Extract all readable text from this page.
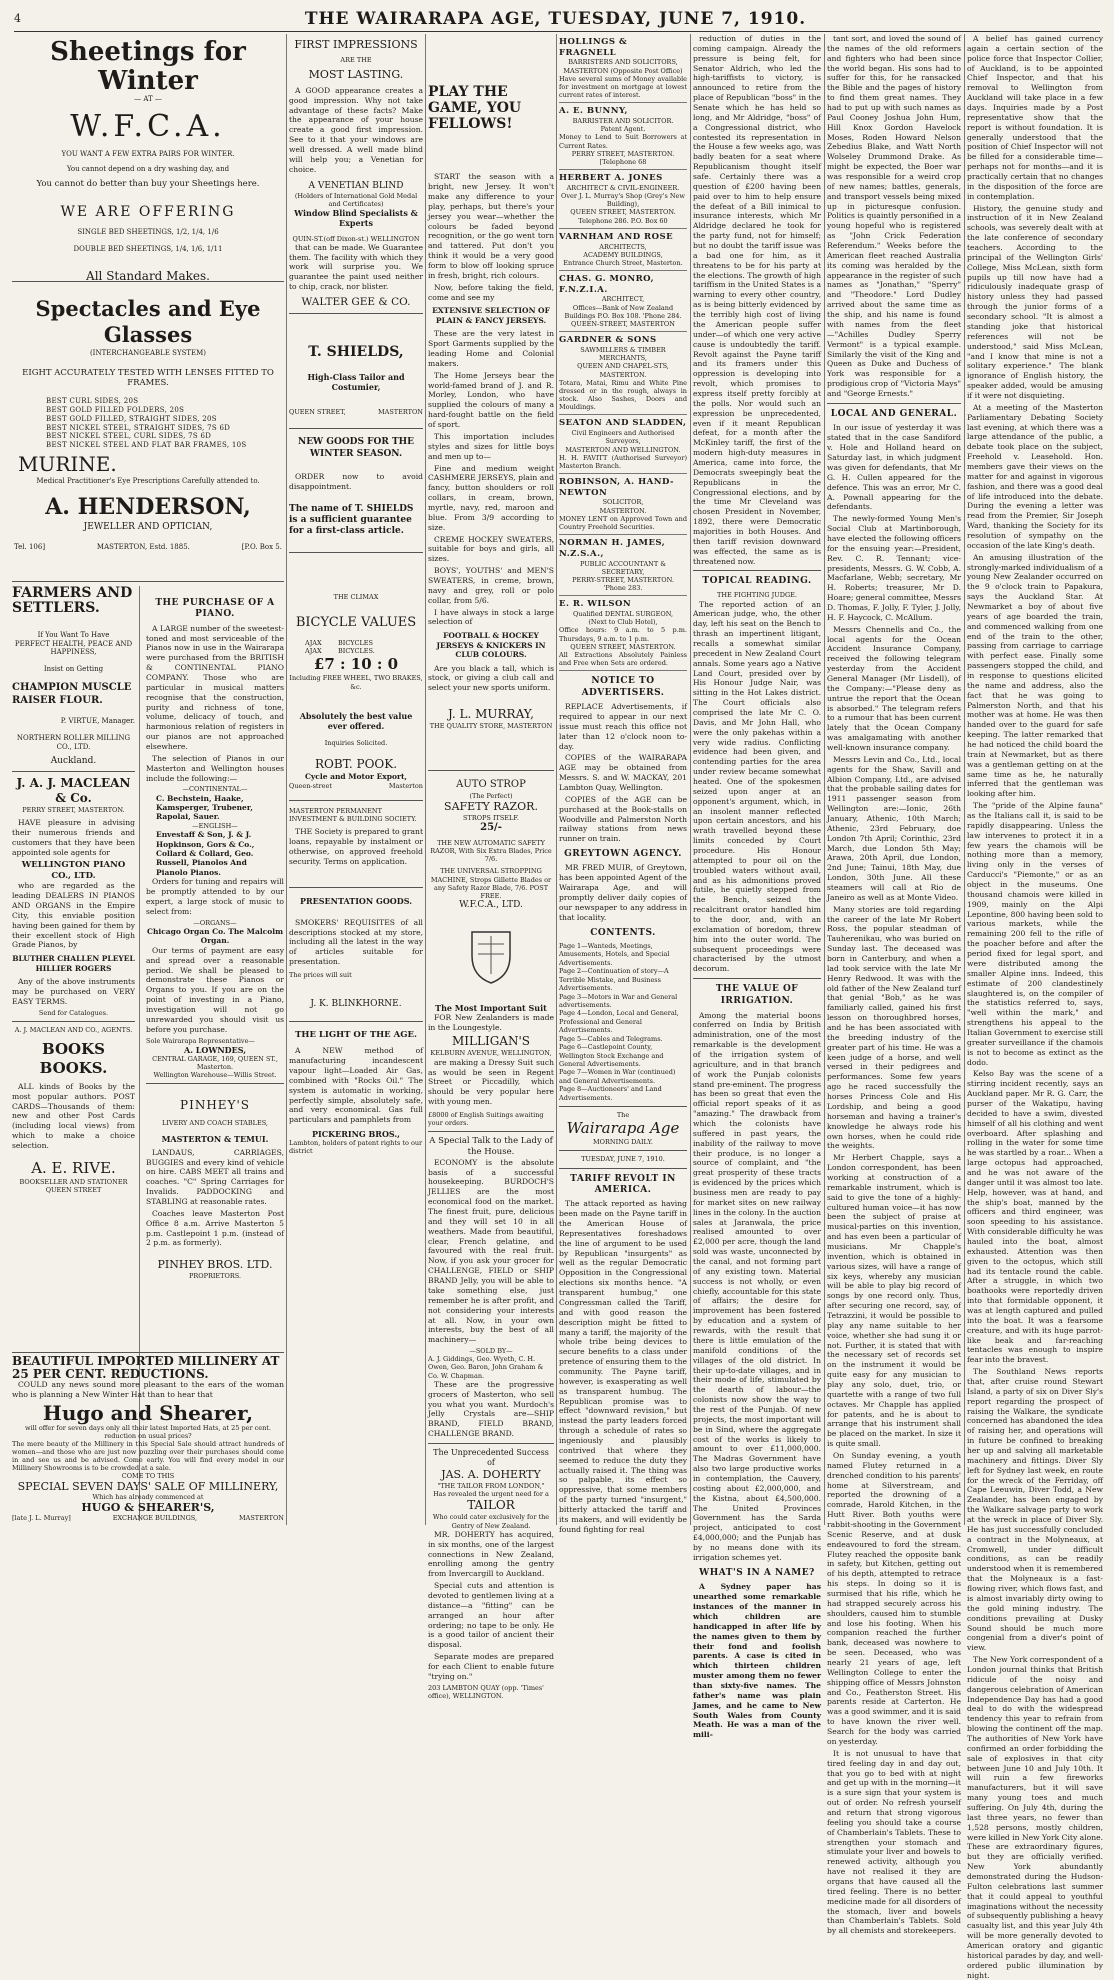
4	THE WAIRARAPA AGE, TUESDAY, JUNE 7, 1910.
Sheetings for Winter
— AT —
W.F.C.A.
YOU WANT A FEW EXTRA PAIRS FOR WINTER.
You cannot depend on a dry washing day, and
You cannot do better than buy your Sheetings here.
WE ARE OFFERING
SINGLE BED SHEETINGS, 1/2, 1/4, 1/6
DOUBLE BED SHEETINGS, 1/4, 1/6, 1/11
All Standard Makes.
Spectacles and Eye Glasses
(INTERCHANGEABLE SYSTEM)
EIGHT ACCURATELY TESTED WITH LENSES FITTED TO FRAMES.
BEST CURL SIDES, 20S
BEST GOLD FILLED FOLDERS, 20S
BEST GOLD FILLED, STRAIGHT SIDES, 20S
BEST NICKEL STEEL, STRAIGHT SIDES, 7S 6D
BEST NICKEL STEEL, CURL SIDES, 7S 6D
BEST NICKEL STEEL AND FLAT BAR FRAMES, 10S
MURINE.
Medical Practitioner's Eye Prescriptions Carefully attended to.
A. HENDERSON,
JEWELLER AND OPTICIAN,
Tel. 106]	MASTERTON, Estd. 1885.	[P.O. Box 5.
FARMERS AND SETTLERS.
If You Want To Have
PERFECT HEALTH, PEACE AND HAPPINESS,
Insist on Getting
CHAMPION MUSCLE RAISER FLOUR.
P. VIRTUE, Manager.
NORTHERN ROLLER MILLING CO., LTD.
Auckland.
J. A. J. MACLEAN & Co.
PERRY STREET, MASTERTON.

HAVE pleasure in advising their numerous friends and customers that they have been appointed sole agents for

WELLINGTON PIANO CO., LTD.

who are regarded as the leading DEALERS IN PIANOS AND ORGANS in the Empire City, this enviable position having been gained for them by their excellent stock of High Grade Pianos, by

BLUTHER CHALLEN PLEYEL HILLIER ROGERS

Any of the above instruments may be purchased on VERY EASY TERMS.

Send for Catalogues.
A. J. MACLEAN AND CO., AGENTS.
BOOKS BOOKS.

ALL kinds of Books by the most popular authors. POST CARDS—Thousands of them: new and other Post Cards (including local views) from which to make a choice selection.

A. E. RIVE.
BOOKSELLER AND STATIONER QUEEN STREET
THE PURCHASE OF A PIANO.

A LARGE number of the sweetest-toned and most serviceable of the Pianos now in use in the Wairarapa were purchased from the BRITISH & CONTINENTAL PIANO COMPANY. Those who are particular in musical matters recognise that the construction, purity and richness of tone, volume, delicacy of touch, and harmonious relation of registers in our pianos are not approached elsewhere.

The selection of Pianos in our Masterton and Wellington houses include the following:—

—CONTINENTAL—
C. Bechstein, Haake, Kamsperger, Trubener, Rapolai, Sauer.
—ENGLISH—
Envestaff & Son, J. & J. Hopkinson, Gors & Co., Collard & Collard, Geo. Russell, Pianolos And Pianolo Pianos.

Orders for tuning and repairs will be promptly attended to by our expert, a large stock of music to select from:

—ORGANS—
Chicago Organ Co. The Malcolm Organ.

Our terms of payment are easy and spread over a reasonable period. We shall be pleased to demonstrate these Pianos or Organs to you. If you are on the point of investing in a Piano, investigation will not go unrewarded you should visit us before you purchase.

Sole Wairarapa Representative—
A. LOWNDES,
CENTRAL GARAGE, 169, QUEEN ST., Masterton.
Wellington Warehouse—Willis Street.
PINHEY'S
LIVERY AND COACH STABLES,
MASTERTON & TEMUI.

LANDAUS, CARRIAGES, BUGGIES and every kind of vehicle on hire. CABS MEET all trains and coaches. "C" Spring Carriages for Invalids. PADDOCKING and STABLING at reasonable rates.

Coaches leave Masterton Post Office 8 a.m. Arrive Masterton 5 p.m. Castlepoint 1 p.m. (instead of 2 p.m. as formerly).

PINHEY BROS. LTD.
PROPRIETORS.
BEAUTIFUL IMPORTED MILLINERY AT 25 PER CENT. REDUCTIONS.

COULD any news sound more pleasant to the ears of the woman who is planning a New Winter Hat than to hear that

Hugo and Shearer,
will offer for seven days only all their latest Imported Hats, at 25 per cent. reduction on usual prices?
The mere beauty of the Millinery in this Special Sale should attract hundreds of women—and those who are just now puzzling over their purchases should come in and see us and be advised. Come early. You will find every model in our Millinery Showrooms is to be crowded at a sale.
COME TO THIS
SPECIAL SEVEN DAYS' SALE OF MILLINERY,
Which has already commenced at
HUGO & SHEARER'S,
[late J. L. Murray]	EXCHANGE BUILDINGS,	MASTERTON
FIRST IMPRESSIONS
ARE THE
MOST LASTING.

A GOOD appearance creates a good impression. Why not take advantage of these facts? Make the appearance of your house create a good first impression. See to it that your windows are well dressed. A well made blind will help you; a Venetian for choice.

A VENETIAN BLIND
(Holders of International Gold Medal and Certificates)
Window Blind Specialists & Experts
QUIN-ST.(off Dixon-st.) WELLINGTON

that can be made. We Guarantee them. The facility with which they work will surprise you. We guarantee the paint used neither to chip, crack, nor blister.

WALTER GEE & CO.
T. SHIELDS,
High-Class Tailor and Costumier,
QUEEN STREET,	MASTERTON
NEW GOODS FOR THE WINTER SEASON.

ORDER now to avoid disappointment.

The name of T. SHIELDS is a sufficient guarantee for a first-class article.
THE CLIMAX
BICYCLE VALUES
AJAX AJAX
BICYCLES BICYCLES.
£7 : 10 : 0
Including FREE WHEEL, TWO BRAKES, &c.
Absolutely the best value ever offered.
Inquiries Solicited.
ROBT. POOK.
Cycle and Motor Export,
Queen-street	Masterton
MASTERTON PERMANENT INVESTMENT & BUILDING SOCIETY.

THE Society is prepared to grant loans, repayable by instalment or otherwise, on approved freehold security. Terms on application.

PRESENTATION GOODS.

SMOKERS' REQUISITES of all descriptions stocked at my store, including all the latest in the way of articles suitable for presentation.

The prices will suit
J. K. BLINKHORNE.
THE LIGHT OF THE AGE.

A NEW method of manufacturing incandescent vapour light—Loaded Air Gas, combined with "Rocks Oil." The system is automatic in working, perfectly simple, absolutely safe, and very economical. Gas full particulars and pamphlets from

PICKERING BROS.,
Lambton, holders of patent rights to our district
PLAY THE GAME, YOU FELLOWS!

START the season with a bright, new Jersey. It won't make any difference to your play, perhaps, but there's your jersey you wear—whether the colours be faded beyond recognition, or the go went torn and tattered. Put don't you think it would be a very good form to blow off looking spruce in fresh, bright, rich colours.

Now, before taking the field, come and see my

EXTENSIVE SELECTION OF PLAIN & FANCY JERSEYS.

These are the very latest in Sport Garments supplied by the leading Home and Colonial makers.

The Home Jerseys bear the world-famed brand of J. and R. Morley, London, who have supplied the colours of many a hard-fought battle on the field of sport.

This importation includes styles and sizes for little boys and men up to—

Fine and medium weight CASHMERE JERSEYS, plain and fancy, button shoulders or roll collars, in cream, brown, myrtle, navy, red, maroon and blue. From 3/9 according to size.

CREME HOCKEY SWEATERS, suitable for boys and girls, all sizes.

BOYS', YOUTHS' and MEN'S SWEATERS, in creme, brown, navy and grey, roll or polo collar, from 5/6.

I have always in stock a large selection of

FOOTBALL & HOCKEY JERSEYS & KNICKERS IN CLUB COLOURS.

Are you black a tall, which is stock, or giving a club call and select your new sports uniform.

J. L. MURRAY,
THE QUALITY STORE, MASTERTON
AUTO STROP
(The Perfect)
SAFETY RAZOR.
STROPS ITSELF.
25/-
THE NEW AUTOMATIC SAFETY RAZOR, With Six Extra Blades, Price 7/6.
THE UNIVERSAL STROPPING MACHINE, Strops Gillette Blades or any Safety Razor Blade, 7/6. POST FREE.
W.F.C.A., LTD.
The Most Important Suit

FOR New Zealanders is made in the Loungestyle.

MILLIGAN'S
KELBURN AVENUE, WELLINGTON,

are making a Dressy Suit such as would be seen in Regent Street or Piccadilly, which should be very popular here with young men.

£8000 of English Suitings awaiting your orders.
A Special Talk to the Lady of the House.

ECONOMY is the absolute basis of a successful housekeeping. BURDOCH'S JELLIES are the most economical food on the market. The finest fruit, pure, delicious and they will set 10 in all weathers. Made from beautiful, clear, French gelatine, and favoured with the real fruit. Now, if you ask your grocer for CHALLENGE, FIELD or SHIP BRAND Jelly, you will be able to take something else, just remember he is after profit, and not considering your interests at all. Now, in your own interests, buy the best of all machinery—

—SOLD BY—
A. J. Giddings, Geo. Wyeth, C. H. Owen, Geo. Baron, John Graham & Co. W. Chapman.

These are the progressive grocers of Masterton, who sell you what you want. Murdoch's Jelly Crystals are—SHIP BRAND, FIELD BRAND, CHALLENGE BRAND.

The Unprecedented Success of
JAS. A. DOHERTY
"THE TAILOR FROM LONDON,"
Has revealed the urgent need for a
TAILOR
Who could cater exclusively for the Gentry of New Zealand.

MR. DOHERTY has acquired, in six months, one of the largest connections in New Zealand, enrolling among the gentry from Invercargill to Auckland.

Special cuts and attention is devoted to gentlemen living at a distance—a "fitting" can be arranged an hour after ordering; no tape to be only. He is a good tailor of ancient their disposal.

Separate modes are prepared for each Client to enable future "trying on."

203 LAMBTON QUAY (opp. 'Times' office), WELLINGTON.
HOLLINGS & FRAGNELL
BARRISTERS AND SOLICITORS,
MASTERTON (Opposite Post Office)
Have several sums of Money available for investment on mortgage at lowest current rates of interest.
A. E. BUNNY,
BARRISTER AND SOLICITOR.
Patent Agent.
Money to Lend to Suit Borrowers at Current Rates.
PERRY STREET, MASTERTON.
[Telephone 68
HERBERT A. JONES
ARCHITECT & CIVIL-ENGINEER.
Over J. L. Murray's Shop (Grey's New Building),
QUEEN STREET, MASTERTON.
Telephone 286. P.O. Box 60
VARNHAM AND ROSE
ARCHITECTS,
ACADEMY BUILDINGS,
Entrance Church Street, Masterton.
CHAS. G. MONRO, F.N.Z.I.A.
ARCHITECT,
Offices—Bank of New Zealand Buildings P.O. Box 108. 'Phone 284.
QUEEN-STREET, MASTERTON
GARDNER & SONS
SAWMILLERS & TIMBER MERCHANTS,
QUEEN AND CHAPEL-STS, MASTERTON.
Totara, Matai, Rimu and White Pine dressed or in the rough, always in stock. Also Sashes, Doors and Mouldings.
SEATON AND SLADDEN,
Civil Engineers and Authorised Surveyors,
MASTERTON AND WELLINGTON.
H. H. FAVITT (Authorised Surveyor) Masterton Branch.
ROBINSON, A. HAND-NEWTON
SOLICITOR,
MASTERTON.
MONEY LENT on Approved Town and Country Freehold Securities.
NORMAN H. JAMES, N.Z.S.A.,
PUBLIC ACCOUNTANT & SECRETARY,
PERRY-STREET, MASTERTON.
'Phone 283.
E. R. WILSON
Qualified DENTAL SURGEON,
(Next to Club Hotel),
Office hours: 9 a.m. to 5 p.m. Thursdays, 9 a.m. to 1 p.m.
QUEEN STREET, MASTERTON.
All Extractions Absolutely Painless and Free when Sets are ordered.
NOTICE TO ADVERTISERS.

REPLACE Advertisements, if required to appear in our next issue must reach this office not later than 12 o'clock noon to-day.

COPIES of the WAIRARAPA AGE may be obtained from Messrs. S. and W. MACKAY, 201 Lambton Quay, Wellington.

COPIES of the AGE can be purchased at the Book-stalls on Woodville and Palmerston North railway stations from news runner on train.

GREYTOWN AGENCY.

MR FRED MUIR, of Greytown, has been appointed Agent of the Wairarapa Age, and will promptly deliver daily copies of our newspaper to any address in that locality.

CONTENTS.
Page 1—Wanteds, Meetings, Amusements, Hotels, and Special Advertisements.
Page 2—Continuation of story—A Terrible Mistake, and Business Advertisements.
Page 3—Motors in War and General advertisements.
Page 4—London, Local and General, Professional and General Advertisements.
Page 5—Cables and Telegrams.
Page 6—Castlepoint County, Wellington Stock Exchange and General Advertisements.
Page 7—Women in War (continued) and General Advertisements.
Page 8—Auctioneers' and Land Advertisements.
The
Wairarapa Age
MORNING DAILY.
TUESDAY, JUNE 7, 1910.
TARIFF REVOLT IN AMERICA.

The attack reported as having been made on the Payne tariff in the American House of Representatives foreshadows the line of argument to be used by Republican "insurgents" as well as the regular Democratic Opposition in the Congressional elections six months hence. "A transparent humbug," one Congressman called the Tariff, and with good reason the description might be fitted to many a tariff, the majority of the whole tribe being devices to secure benefits to a class under pretence of ensuring them to the community. The Payne tariff, however, is exasperating as well as transparent humbug. The Republican promise was to effect "downward revision," but instead the party leaders forced through a schedule of rates so ingeniously and plausibly contrived that where they seemed to reduce the duty they actually raised it. The thing was so palpable, its effect so oppressive, that some members of the party turned "insurgent," bitterly attacked the tariff and its makers, and will evidently be found fighting for real

reduction of duties in the coming campaign. Already the pressure is being felt, for Senator Aldrich, who led the high-tariffists to victory, is announced to retire from the place of Republican "boss" in the Senate which he has held so long, and Mr Aldridge, "boss" of a Congressional district, who contested its representation in the House a few weeks ago, was badly beaten for a seat where Republicanism thought itself safe. Certainly there was a question of £200 having been paid over to him to help ensure the defeat of a Bill inimical to insurance interests, which Mr Aldridge declared he took for the party fund, not for himself; but no doubt the tariff issue was a bad one for him, as it threatens to be for his party at the elections. The growth of high tariffism in the United States is a warning to every other country, as is being bitterly evidenced by the terribly high cost of living the American people suffer under—of which one very active cause is undoubtedly the tariff. Revolt against the Payne tariff and its framers under this oppression is developing into revolt, which promises to express itself pretty forcibly at the polls. Nor would such an expression be unprecedented, even if it meant Republican defeat, for a month after the McKinley tariff, the first of the modern high-duty measures in America, came into force, the Democrats sweepingly beat the Republicans in the Congressional elections, and by the time Mr Cleveland was chosen President in November, 1892, there were Democratic majorities in both Houses. And then tariff revision downward was effected, the same as is threatened now.

TOPICAL READING.
THE FIGHTING JUDGE.

The reported action of an American judge, who, the other day, left his seat on the Bench to thrash an impertinent litigant, recalls a somewhat similar precedent in New Zealand Court annals. Some years ago a Native Land Court, presided over by His Honour Judge Nair, was sitting in the Hot Lakes district. The Court officials also comprised the late Mr C. O. Davis, and Mr John Hall, who were the only pakehas within a very wide radius. Conflicting evidence had been given, and contending parties for the area under review became somewhat heated. One of the spokesmen seized upon anger at an opponent's argument, which, in an insolent manner reflected upon certain ancestors, and his wrath travelled beyond these limits conceded by Court procedure. His Honour attempted to pour oil on the troubled waters without avail, and as his admonitions proved futile, he quietly stepped from the Bench, seized the recalcitrant orator handled him to the door, and, with an exclamation of boredom, threw him into the outer world. The subsequent proceedings were characterised by the utmost decorum.

THE VALUE OF IRRIGATION.

Among the material boons conferred on India by British administration, one of the most remarkable is the development of the irrigation system of agriculture, and in that branch of work the Punjab colonists stand pre-eminent. The progress has been so great that even the official report speaks of it as "amazing." The drawback from which the colonists have suffered in past years, the inability of the railway to move their produce, is no longer a source of complaint, and "the great prosperity of these tracts is evidenced by the prices which business men are ready to pay for market sites on new railway lines in the colony. In the auction sales at Jaranwala, the price realised amounted to over £2,000 per acre, though the land sold was waste, unconnected by the canal, and not forming part of any existing town. Material success is not wholly, or even chiefly, accountable for this state of affairs; the desire for improvement has been fostered by education and a system of rewards, with the result that there is little emulation of the manifold conditions of the villages of the old district. In their up-to-date villages, and in their mode of life, stimulated by the dearth of labour—the colonists now show the way to the rest of the Punjab. Of new projects, the most important will be in Sind, where the aggregate cost of the works is likely to amount to over £11,000,000. The Madras Government have also two large productive works in contemplation, the Cauvery, costing about £2,000,000, and the Kistna, about £4,500,000. The United Provinces Government has the Sarda project, anticipated to cost £4,000,000; and the Punjab has by no means done with its irrigation schemes yet.

WHAT'S IN A NAME?

A Sydney paper has unearthed some remarkable instances of the manner in which children are handicapped in after life by the names given to them by their fond and foolish parents. A case is cited in which thirteen children muster among them no fewer than sixty-five names. The father's name was plain James, and he came to New South Wales from County Meath. He was a man of the mili-

tant sort, and loved the sound of the names of the old reformers and fighters who had been since the world began. His sons had to suffer for this, for he ransacked the Bible and the pages of history to find them great names. They had to put up with such names as Paul Cooney Joshua John Hum, Hill Knox Gordon Havelock Moses, Roden Howard Nelson Zebedius Blake, and Watt North Wolseley Drummond Drake. As might be expected, the Boer war was responsible for a weird crop of new names; battles, generals, and transport vessels being mixed up in picturesque confusion. Politics is quaintly personified in a young hopeful who is registered as "John Crick Federation Referendum." Weeks before the American fleet reached Australia its coming was heralded by the appearance in the register of such names as "Jonathan," "Sperry" and "Theodore." Lord Dudley arrived about the same time as the ship, and his name is found with names from the fleet—"Achilles Dudley Sperry Vermont" is a typical example. Similarly the visit of the King and Queen as Duke and Duchess of York was responsible for a prodigious crop of "Victoria Mays" and "George Ernests."

LOCAL AND GENERAL.

In our issue of yesterday it was stated that in the case Sandiford v. Hole and Holland heard on Saturday last, in which judgment was given for defendants, that Mr G. H. Cullen appeared for the defence. This was an error, Mr C. A. Pownall appearing for the defendants.

The newly-formed Young Men's Social Club at Martinborough, have elected the following officers for the ensuing year:—President, Rev. C. R. Tennant; vice-presidents, Messrs. G. W. Cobb, A. Macfarlane, Webb; secretary, Mr H. Roberts; treasurer, Mr D. Hoare; general committee, Messrs D. Thomas, F. Jolly, F. Tyler, J. Jolly, H. F. Haycock, C. McAllum.

Messrs Chennells and Co., the local agents for the Ocean Accident Insurance Company, received the following telegram yesterday from the Accident General Manager (Mr Lisdell), of the Company:—"Please deny as untrue the report that the Ocean is absorbed." The telegram refers to a rumour that has been current lately that the Ocean Company was amalgamating with another well-known insurance company.

Messrs Levin and Co., Ltd., local agents for the Shaw, Savill and Albion Company, Ltd., are advised that the probable sailing dates for 1911 passenger season from Wellington are:—Ionic, 26th January, Athenic, 10th March; Athenic, 23rd February, doe London 7th April; Corinthic, 23rd March, due London 5th May; Arawa, 20th April, due London, 2nd June; Tainui, 18th May, due London, 30th June. All these steamers will call at Rio de Janeiro as well as at Monte Video.

Many stories are told regarding the career of the late Mr Robert Ross, the popular steadman of Tauherenikau, who was buried on Sunday last. The deceased was born in Canterbury, and when a lad took service with the late Mr Henry Redwood. It was with the old father of the New Zealand turf that genial "Bob," as he was familiarly called, gained his first lesson on thoroughbred horses, and he has been associated with the breeding industry of the greater part of his time. He was a keen judge of a horse, and well versed in their pedigrees and performances. Some few years ago he raced successfully the horses Princess Cole and His Lordship, and being a good horseman and having a trainer's knowledge he always rode his own horses, when he could ride the weights.

Mr Herbert Chapple, says a London correspondent, has been working at construction of a remarkable instrument, which is said to give the tone of a highly-cultured human voice—it has now been the subject of praise at musical-parties on this invention, and has even been a particular of musicians. Mr Chapple's invention, which is obtained in various sizes, will have a range of six keys, whereby any musician will be able to play big record of songs by one record only. Thus, after securing one record, say, of Tetrazzini, it would be possible to play any name suitable to her voice, whether she had sung it or not. Further, it is stated that with the necessary set of records set on the instrument it would be quite easy for any musician to play any solo, duet, trio, or quartette with a range of two full octaves. Mr Chapple has applied for patents, and he is about to arrange that his instrument shall be placed on the market. In size it is quite small.

On Sunday evening, a youth named Flutey returned in a drenched condition to his parents' home at Silverstream, and reported the drowning of a comrade, Harold Kitchen, in the Hutt River. Both youths were rabbit-shooting in the Government Scenic Reserve, and at dusk endeavoured to ford the stream. Flutey reached the opposite bank in safety, but Kitchen, getting out of his depth, attempted to retrace his steps. In doing so it is surmised that his rifle, which he had strapped securely across his shoulders, caused him to stumble and lose his footing. When his companion reached the further bank, deceased was nowhere to be seen. Deceased, who was nearly 21 years of age, left Wellington College to enter the shipping office of Messrs Johnston and Co., Featherston Street. His parents reside at Carterton. He was a good swimmer, and it is said to have known the river well. Search for the body was carried on yesterday.

It is not unusual to have that tired feeling day in and day out, that you go to bed with at night and get up with in the morning—it is a sure sign that your system is out of order. No refresh yourself and return that strong vigorous feeling you should take a course of Chamberlain's Tablets. These to strengthen your stomach and stimulate your liver and bowels to renewed activity, although you have not realised it they are organs that have caused all the tired feeling. There is no better medicine made for all disorders of the stomach, liver and bowels than Chamberlain's Tablets. Sold by all chemists and storekeepers.

A belief has gained currency again a certain section of the police force that Inspector Collier, of Auckland, is to be appointed Chief Inspector, and that his removal to Wellington from Auckland will take place in a few days. Inquiries made by a Post representative show that the report is without foundation. It is generally understood that the position of Chief Inspector will not be filled for a considerable time—perhaps not for months—and it is practically certain that no changes in the disposition of the force are in contemplation.

History, the genuine study and instruction of it in New Zealand schools, was severely dealt with at the late conference of secondary teachers. According to the principal of the Wellington Girls' College, Miss McLean, sixth form pupils up till now have had a ridiculously inadequate grasp of history unless they had passed through the junior forms of a secondary school. "It is almost a standing joke that historical references will not be understood," said Miss McLean, "and I know that mine is not a solitary experience." The blank ignorance of English history, the speaker added, would be amusing if it were not disquieting.

At a meeting of the Masterton Parliamentary Debating Society last evening, at which there was a large attendance of the public, a debate took place on the subject, Freehold v. Leasehold. Hon. members gave their views on the matter for and against in vigorous fashion, and there was a good deal of life introduced into the debate. During the evening a letter was read from the Premier, Sir Joseph Ward, thanking the Society for its resolution of sympathy on the occasion of the late King's death.

An amusing illustration of the strongly-marked individualism of a young New Zealander occurred on the 9 o'clock train to Papakura, says the Auckland Star. At Newmarket a boy of about five years of age boarded the train, and commenced walking from one end of the train to the other, passing from carriage to carriage with perfect ease. Finally some passengers stopped the child, and in response to questions elicited the name and address, also the fact that he was going to Palmerston North, and that his mother was at home. He was then handed over to the guard for safe keeping. The latter remarked that he had noticed the child board the train at Newmarket, but as there was a gentleman getting on at the same time as he, he naturally inferred that the gentleman was looking after him.

The "pride of the Alpine fauna" as the Italians call it, is said to be rapidly disappearing. Unless the law intervenes to protect it in a few years the chamois will be nothing more than a memory, living only in the verses of Carducci's "Piemonte," or as an object in the museums. One thousand chamois were killed in 1909, mainly on the Alpi Lepontine, 800 having been sold to various markets, while the remaining 200 fell to the rifle of the poacher before and after the period fixed for legal sport, and were distributed among the smaller Alpine inns. Indeed, this estimate of 200 clandestinely slaughtered is, on the compiler of the statistics referred to, says, "well within the mark," and strengthens his appeal to the Italian Government to exercise still greater surveillance if the chamois is not to become as extinct as the dodo.

Kelso Bay was the scene of a stirring incident recently, says an Auckland paper. Mr R. G. Carr, the purser of the Wakatipu, having decided to have a swim, divested himself of all his clothing and went overboard. After splashing and rolling in the water for some time he was startled by a roar... When a large octopus had approached, and he was not aware of the danger until it was almost too late. Help, however, was at hand, and the ship's boat, manned by the officers and third engineer, was soon speeding to his assistance. With considerable difficulty he was hauled into the boat, almost exhausted. Attention was then given to the octopus, which still had its tentacle round the cable. After a struggle, in which two boathooks were reportedly driven into that formidable opponent, it was at length captured and pulled into the boat. It was a fearsome creature, and with its huge parrot-like beak and far-reaching tentacles was enough to inspire fear into the bravest.

The Southland News reports that, after cruise round Stewart Island, a party of six on Diver Sly's report regarding the prospect of raising the Walkare, the syndicate concerned has abandoned the idea of raising her, and operations will in future be confined to breaking her up and salving all marketable machinery and fittings. Diver Sly left for Sydney last week, en route for the wreck of the Ferriday, off Cape Leeuwin, Diver Todd, a New Zealander, has been engaged by the Walkare salvage party to work at the wreck in place of Diver Sly. He has just successfully concluded a contract in the Molyneaux, at Cromwell, under difficult conditions, as can be readily understood when it is remembered that the Molyneaux is a fast-flowing river, which flows fast, and is almost invariably dirty owing to the gold mining industry. The conditions prevailing at Dusky Sound should be much more congenial from a diver's point of view.

The New York correspondent of a London journal thinks that British ridicule of the noisy and dangerous celebration of American Independence Day has had a good deal to do with the widespread tendency this year to refrain from blowing the continent off the map. The authorities of New York have confirmed an order forbidding the sale of explosives in that city between June 10 and July 10th. It will ruin a few fireworks manufacturers, but it will save many young toes and much suffering. On July 4th, during the last three years, no fewer than 1,528 persons, mostly children, were killed in New York City alone. These are extraordinary figures, but they are officially verified. New York abundantly demonstrated during the Hudson-Fulton celebrations last summer that it could appeal to youthful imaginations without the necessity of subsequently publishing a heavy casualty list, and this year July 4th will be more generally devoted to American oratory and gigantic historical parades by day, and well-ordered public illumination by night.
